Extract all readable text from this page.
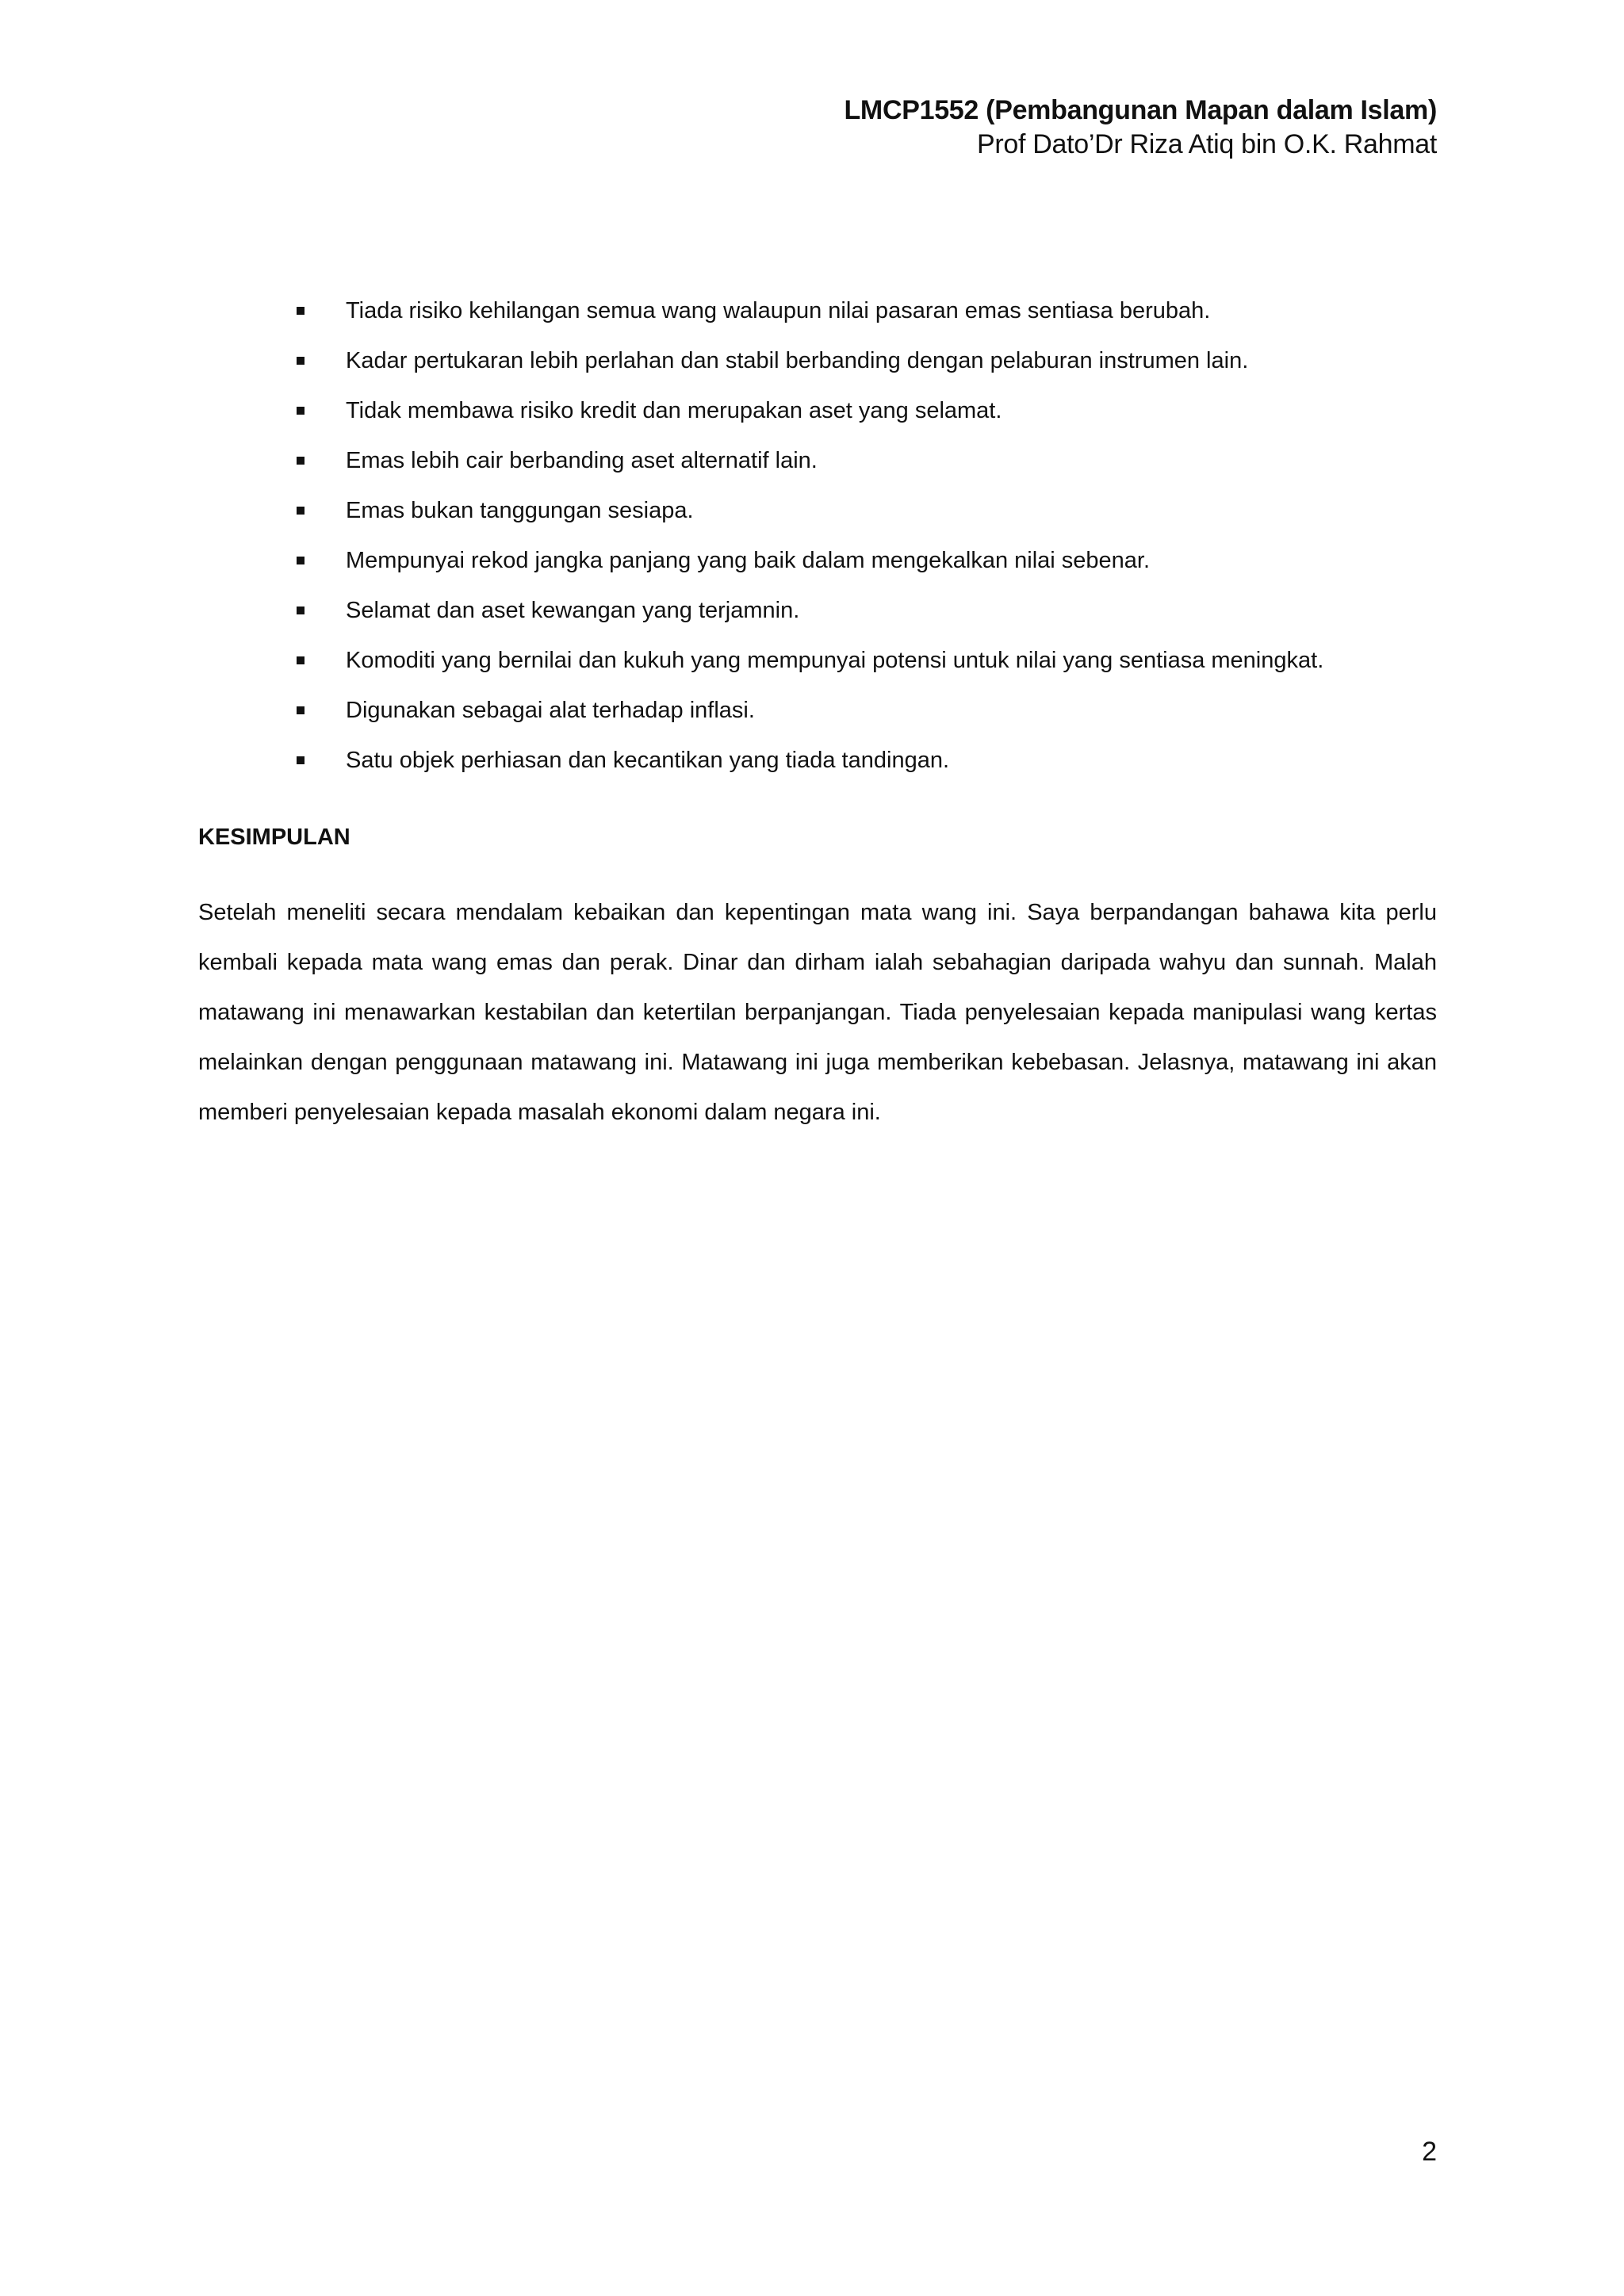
LMCP1552 (Pembangunan Mapan dalam Islam)
Prof Dato’Dr Riza Atiq bin O.K. Rahmat
Tiada risiko kehilangan semua wang walaupun nilai pasaran emas sentiasa berubah.
Kadar pertukaran lebih perlahan dan stabil berbanding dengan pelaburan instrumen lain.
Tidak membawa risiko kredit dan merupakan aset yang selamat.
Emas lebih cair berbanding aset alternatif lain.
Emas bukan tanggungan sesiapa.
Mempunyai rekod jangka panjang yang baik dalam mengekalkan nilai sebenar.
Selamat dan aset kewangan yang terjamnin.
Komoditi yang bernilai dan kukuh yang mempunyai potensi untuk nilai yang sentiasa meningkat.
Digunakan sebagai alat terhadap inflasi.
Satu objek perhiasan dan kecantikan yang tiada tandingan.
KESIMPULAN

Setelah meneliti secara mendalam kebaikan dan kepentingan mata wang ini. Saya berpandangan bahawa kita perlu kembali kepada mata wang emas dan perak. Dinar dan dirham ialah sebahagian daripada wahyu dan sunnah. Malah matawang ini menawarkan kestabilan dan ketertilan berpanjangan. Tiada penyelesaian kepada manipulasi wang kertas melainkan dengan penggunaan matawang ini. Matawang ini juga memberikan kebebasan. Jelasnya, matawang ini akan memberi penyelesaian kepada masalah ekonomi dalam negara ini.

2
